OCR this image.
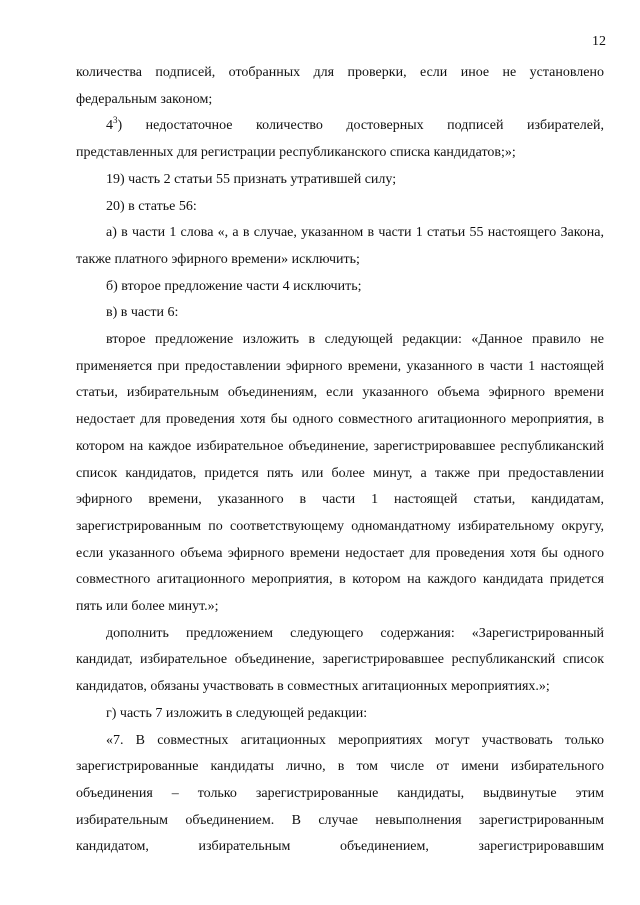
12

количества подписей, отобранных для проверки, если иное не установлено федеральным законом;

$4^3$) недостаточное количество достоверных подписей избирателей, представленных для регистрации республиканского списка кандидатов;»;

19) часть 2 статьи 55 признать утратившей силу;

20) в статье 56:

а) в части 1 слова «, а в случае, указанном в части 1 статьи 55 настоящего Закона, также платного эфирного времени» исключить;

б) второе предложение части 4 исключить;

в) в части 6:

второе предложение изложить в следующей редакции: «Данное правило не применяется при предоставлении эфирного времени, указанного в части 1 настоящей статьи, избирательным объединениям, если указанного объема эфирного времени недостает для проведения хотя бы одного совместного агитационного мероприятия, в котором на каждое избирательное объединение, зарегистрировавшее республиканский список кандидатов, придется пять или более минут, а также при предоставлении эфирного времени, указанного в части 1 настоящей статьи, кандидатам, зарегистрированным по соответствующему одномандатному избирательному округу, если указанного объема эфирного времени недостает для проведения хотя бы одного совместного агитационного мероприятия, в котором на каждого кандидата придется пять или более минут.»;

дополнить предложением следующего содержания: «Зарегистрированный кандидат, избирательное объединение, зарегистрировавшее республиканский список кандидатов, обязаны участвовать в совместных агитационных мероприятиях.»;

г) часть 7 изложить в следующей редакции:

«7. В совместных агитационных мероприятиях могут участвовать только зарегистрированные кандидаты лично, в том числе от имени избирательного объединения – только зарегистрированные кандидаты, выдвинутые этим избирательным объединением. В случае невыполнения зарегистрированным кандидатом, избирательным объединением, зарегистрировавшим
